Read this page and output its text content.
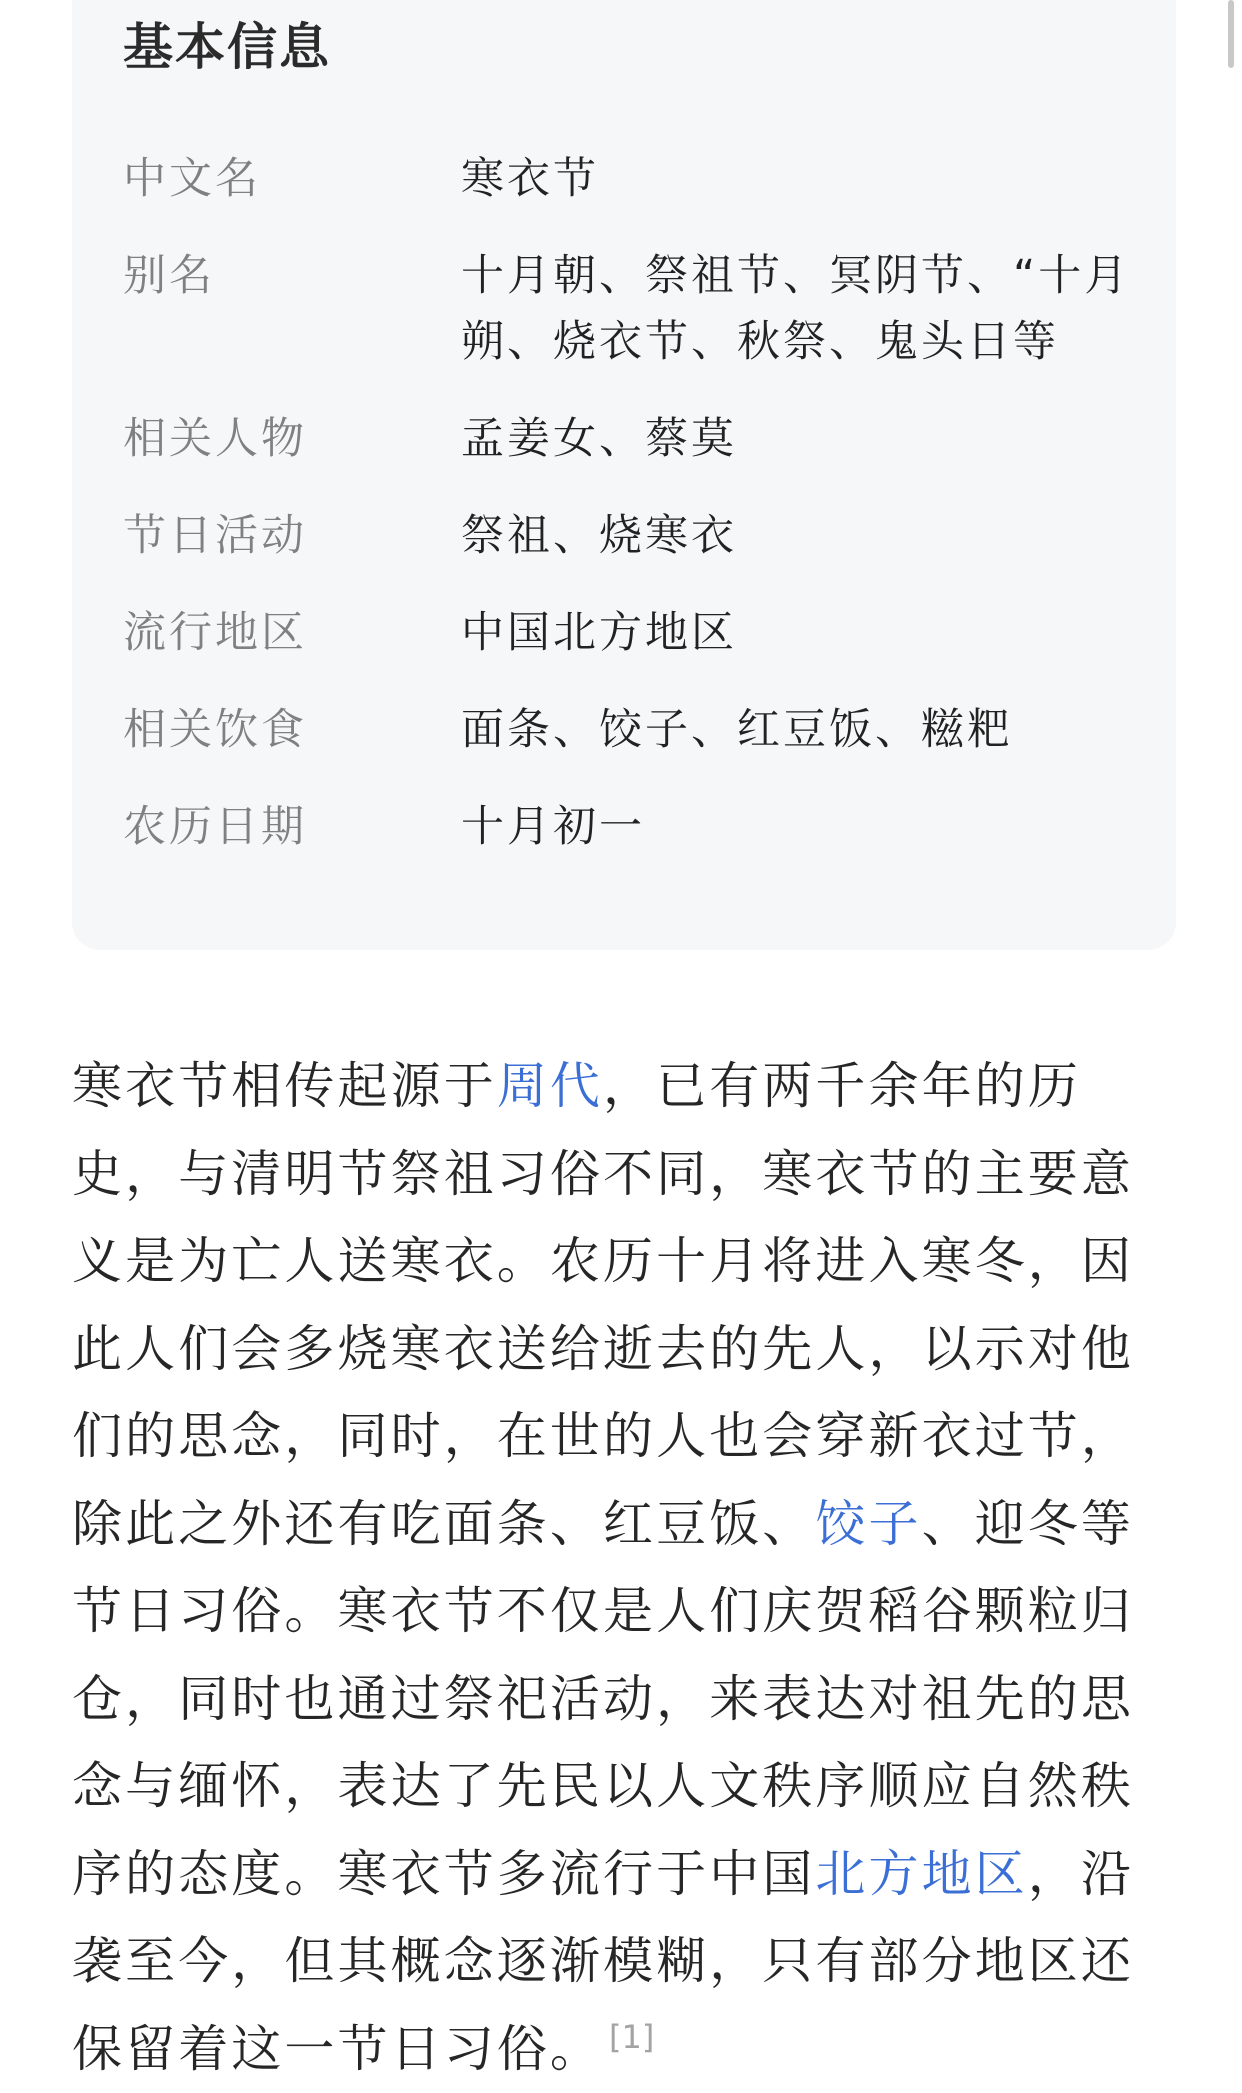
基本信息
中文名	寒衣节
别名	十月朝、祭祖节、冥阴节、“十月朔、烧衣节、秋祭、鬼头日等
相关人物	孟姜女、蔡莫
节日活动	祭祖、烧寒衣
流行地区	中国北方地区
相关饮食	面条、饺子、红豆饭、糍粑
农历日期	十月初一
寒衣节相传起源于周代，已有两千余年的历史，与清明节祭祖习俗不同，寒衣节的主要意义是为亡人送寒衣。农历十月将进入寒冬，因此人们会多烧寒衣送给逝去的先人，以示对他们的思念，同时，在世的人也会穿新衣过节，除此之外还有吃面条、红豆饭、饺子、迎冬等节日习俗。寒衣节不仅是人们庆贺稻谷颗粒归仓，同时也通过祭祀活动，来表达对祖先的思念与缅怀，表达了先民以人文秩序顺应自然秩序的态度。寒衣节多流行于中国北方地区，沿袭至今，但其概念逐渐模糊，只有部分地区还保留着这一节日习俗。 [1]
